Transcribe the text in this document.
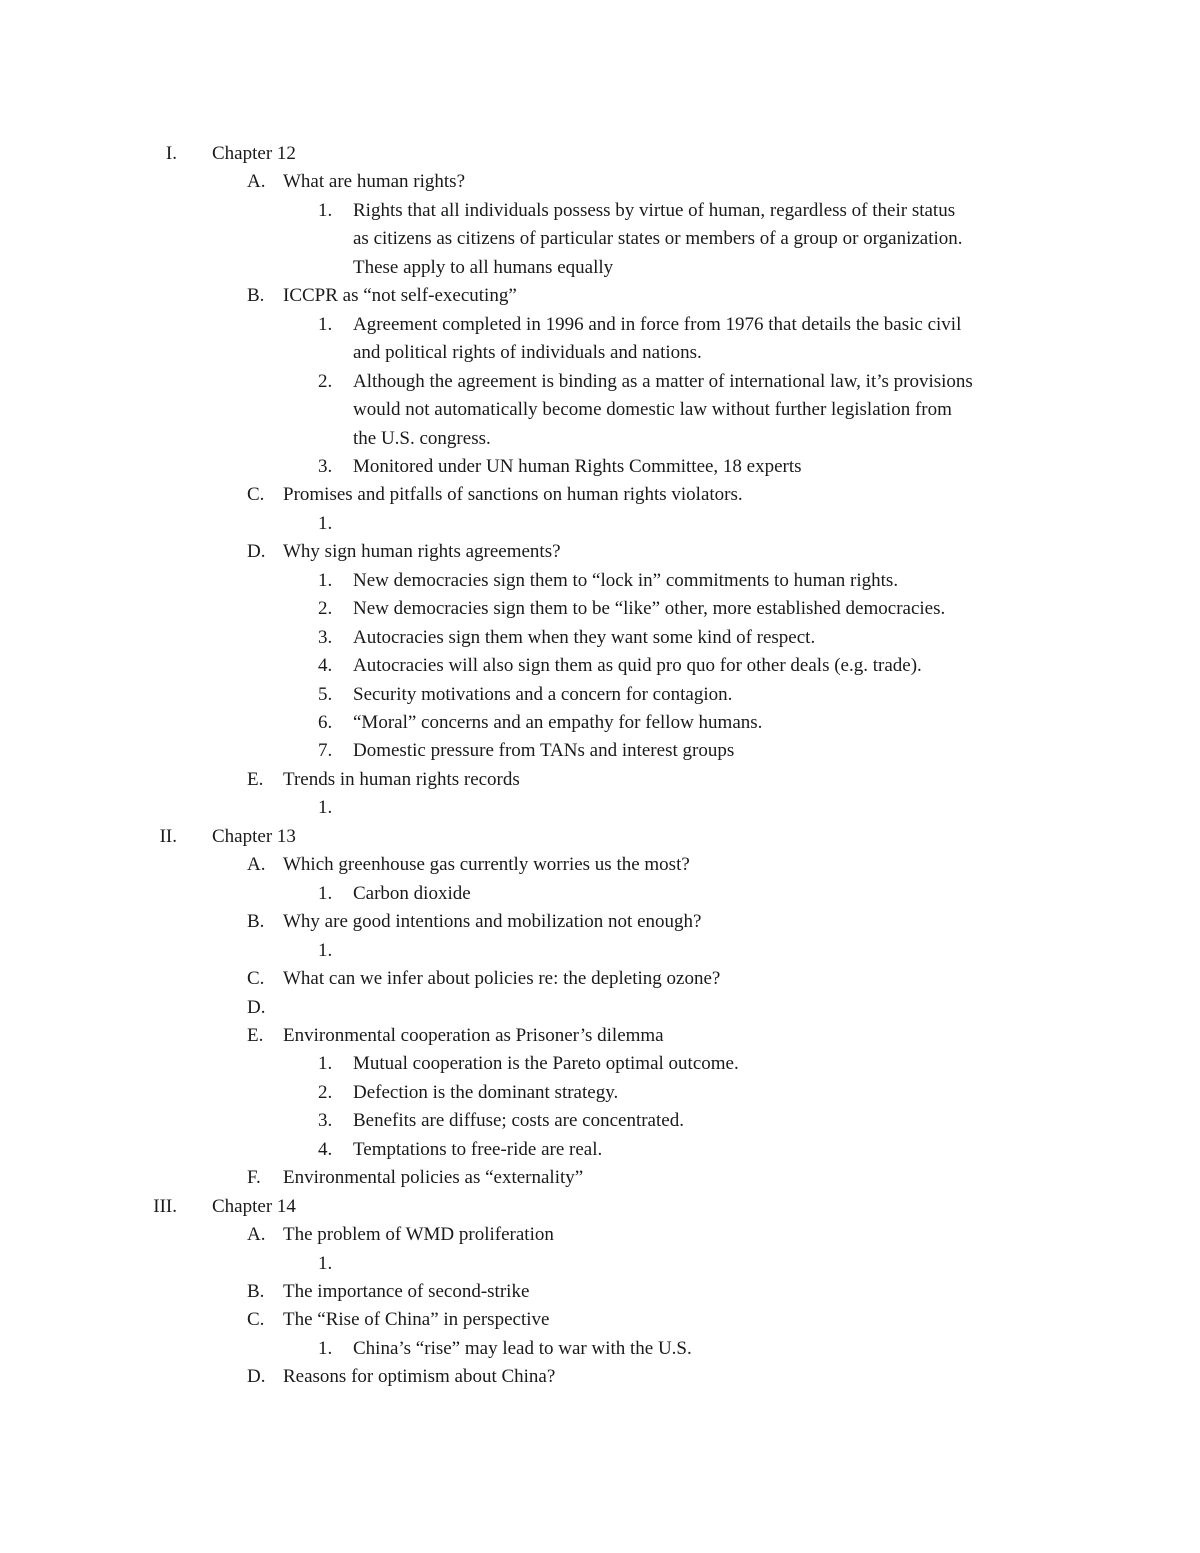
I. Chapter 12
A. What are human rights?
1. Rights that all individuals possess by virtue of human, regardless of their status
as citizens as citizens of particular states or members of a group or organization.
These apply to all humans equally
B. ICCPR as “not self-executing”
1. Agreement completed in 1996 and in force from 1976 that details the basic civil
and political rights of individuals and nations.
2. Although the agreement is binding as a matter of international law, it’s provisions
would not automatically become domestic law without further legislation from
the U.S. congress.
3. Monitored under UN human Rights Committee, 18 experts
C. Promises and pitfalls of sanctions on human rights violators.
1.
D. Why sign human rights agreements?
1. New democracies sign them to “lock in” commitments to human rights.
2. New democracies sign them to be “like” other, more established democracies.
3. Autocracies sign them when they want some kind of respect.
4. Autocracies will also sign them as quid pro quo for other deals (e.g. trade).
5. Security motivations and a concern for contagion.
6. “Moral” concerns and an empathy for fellow humans.
7. Domestic pressure from TANs and interest groups
E. Trends in human rights records
1.
II. Chapter 13
A. Which greenhouse gas currently worries us the most?
1. Carbon dioxide
B. Why are good intentions and mobilization not enough?
1.
C. What can we infer about policies re: the depleting ozone?
D.
E. Environmental cooperation as Prisoner’s dilemma
1. Mutual cooperation is the Pareto optimal outcome.
2. Defection is the dominant strategy.
3. Benefits are diffuse; costs are concentrated.
4. Temptations to free-ride are real.
F. Environmental policies as “externality”
III. Chapter 14
A. The problem of WMD proliferation
1.
B. The importance of second-strike
C. The “Rise of China” in perspective
1. China’s “rise” may lead to war with the U.S.
D. Reasons for optimism about China?
